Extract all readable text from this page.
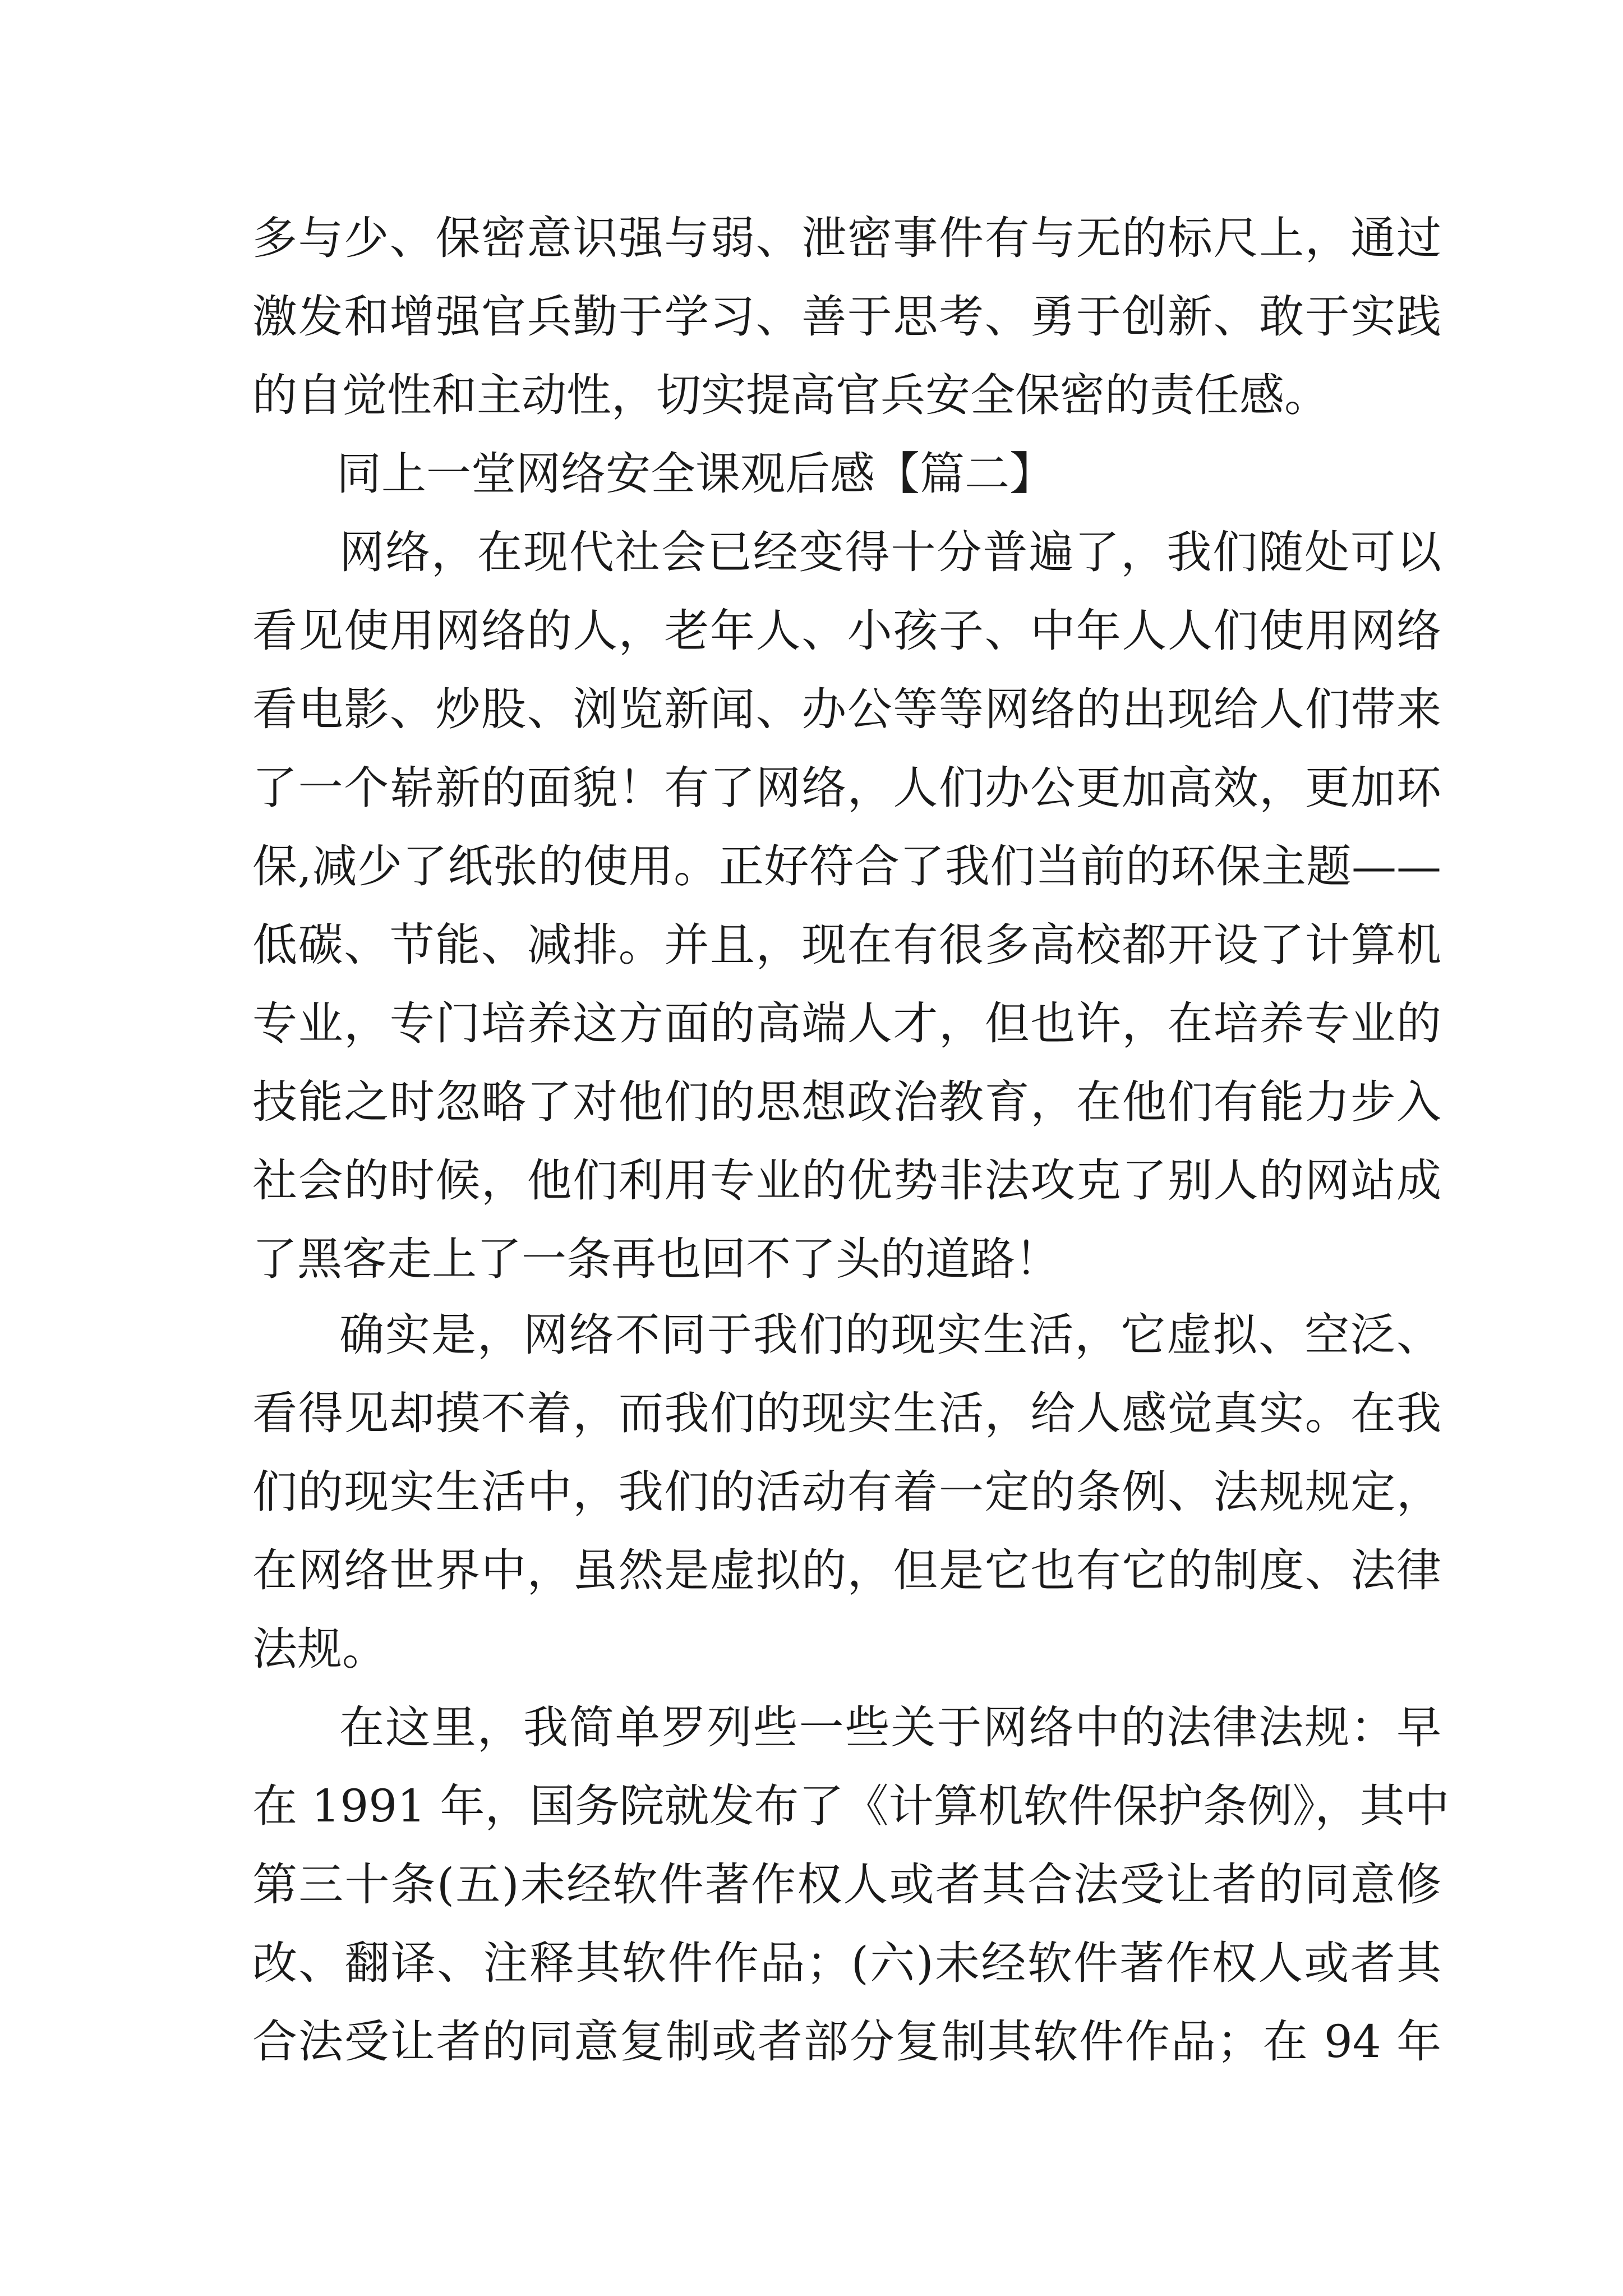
多与少、保密意识强与弱、泄密事件有与无的标尺上，通过
激发和增强官兵勤于学习、善于思考、勇于创新、敢于实践
的自觉性和主动性，切实提高官兵安全保密的责任感。
同上一堂网络安全课观后感【篇二】
网络，在现代社会已经变得十分普遍了，我们随处可以
看见使用网络的人，老年人、小孩子、中年人人们使用网络
看电影、炒股、浏览新闻、办公等等网络的出现给人们带来
了一个崭新的面貌！有了网络，人们办公更加高效，更加环
保,减少了纸张的使用。正好符合了我们当前的环保主题——
低碳、节能、减排。并且，现在有很多高校都开设了计算机
专业，专门培养这方面的高端人才，但也许，在培养专业的
技能之时忽略了对他们的思想政治教育，在他们有能力步入
社会的时候，他们利用专业的优势非法攻克了别人的网站成
了黑客走上了一条再也回不了头的道路！
确实是，网络不同于我们的现实生活，它虚拟、空泛、
看得见却摸不着，而我们的现实生活，给人感觉真实。在我
们的现实生活中，我们的活动有着一定的条例、法规规定，
在网络世界中，虽然是虚拟的，但是它也有它的制度、法律
法规。
在这里，我简单罗列些一些关于网络中的法律法规：早
在 1991 年，国务院就发布了《计算机软件保护条例》，其中
第三十条(五)未经软件著作权人或者其合法受让者的同意修
改、翻译、注释其软件作品；(六)未经软件著作权人或者其
合法受让者的同意复制或者部分复制其软件作品；在 94 年
